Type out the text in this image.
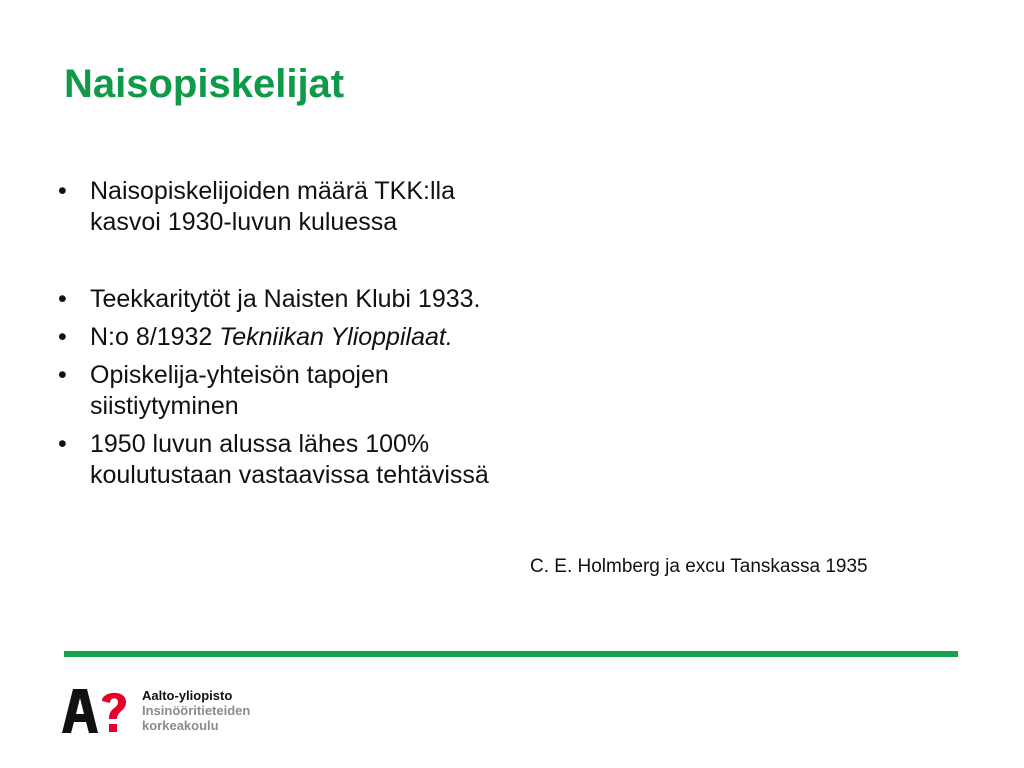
Naisopiskelijat
• Naisopiskelijoiden määrä TKK:lla kasvoi 1930-luvun kuluessa
• Teekkaritytöt ja Naisten Klubi 1933.
• N:o 8/1932 Tekniikan Ylioppilaat.
• Opiskelija-yhteisön tapojen siistiytyminen
• 1950 luvun alussa lähes 100% koulutustaan vastaavissa tehtävissä
C. E. Holmberg ja excu Tanskassa 1935
Aalto-yliopisto
Insinööritieteiden
korkeakoulu
